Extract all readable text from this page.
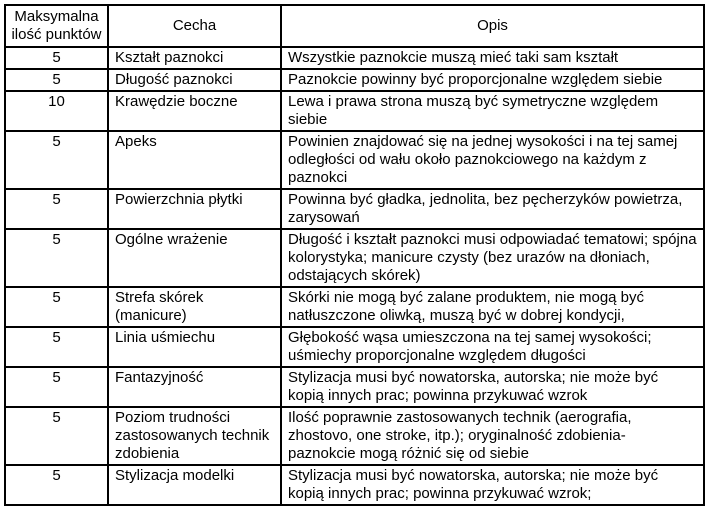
Maksymalna ilość punktów	Cecha	Opis
5	Kształt paznokci	Wszystkie paznokcie muszą mieć taki sam kształt
5	Długość paznokci	Paznokcie powinny być proporcjonalne względem siebie
10	Krawędzie boczne	Lewa i prawa strona muszą być symetryczne względem siebie
5	Apeks	Powinien znajdować się na jednej wysokości i na tej samej odległości od wału około paznokciowego na każdym z paznokci
5	Powierzchnia płytki	Powinna być gładka, jednolita, bez pęcherzyków powietrza, zarysowań
5	Ogólne wrażenie	Długość i kształt paznokci musi odpowiadać tematowi; spójna kolorystyka; manicure czysty (bez urazów na dłoniach, odstających skórek)
5	Strefa skórek (manicure)	Skórki nie mogą być zalane produktem, nie mogą być natłuszczone oliwką, muszą być w dobrej kondycji,
5	Linia uśmiechu	Głębokość wąsa umieszczona na tej samej wysokości; uśmiechy proporcjonalne względem długości
5	Fantazyjność	Stylizacja musi być nowatorska, autorska; nie może być kopią innych prac; powinna przykuwać wzrok
5	Poziom trudności zastosowanych technik zdobienia	Ilość poprawnie zastosowanych technik (aerografia, zhostovo, one stroke, itp.); oryginalność zdobienia- paznokcie mogą różnić się od siebie
5	Stylizacja modelki	Stylizacja musi być nowatorska, autorska; nie może być kopią innych prac; powinna przykuwać wzrok;
